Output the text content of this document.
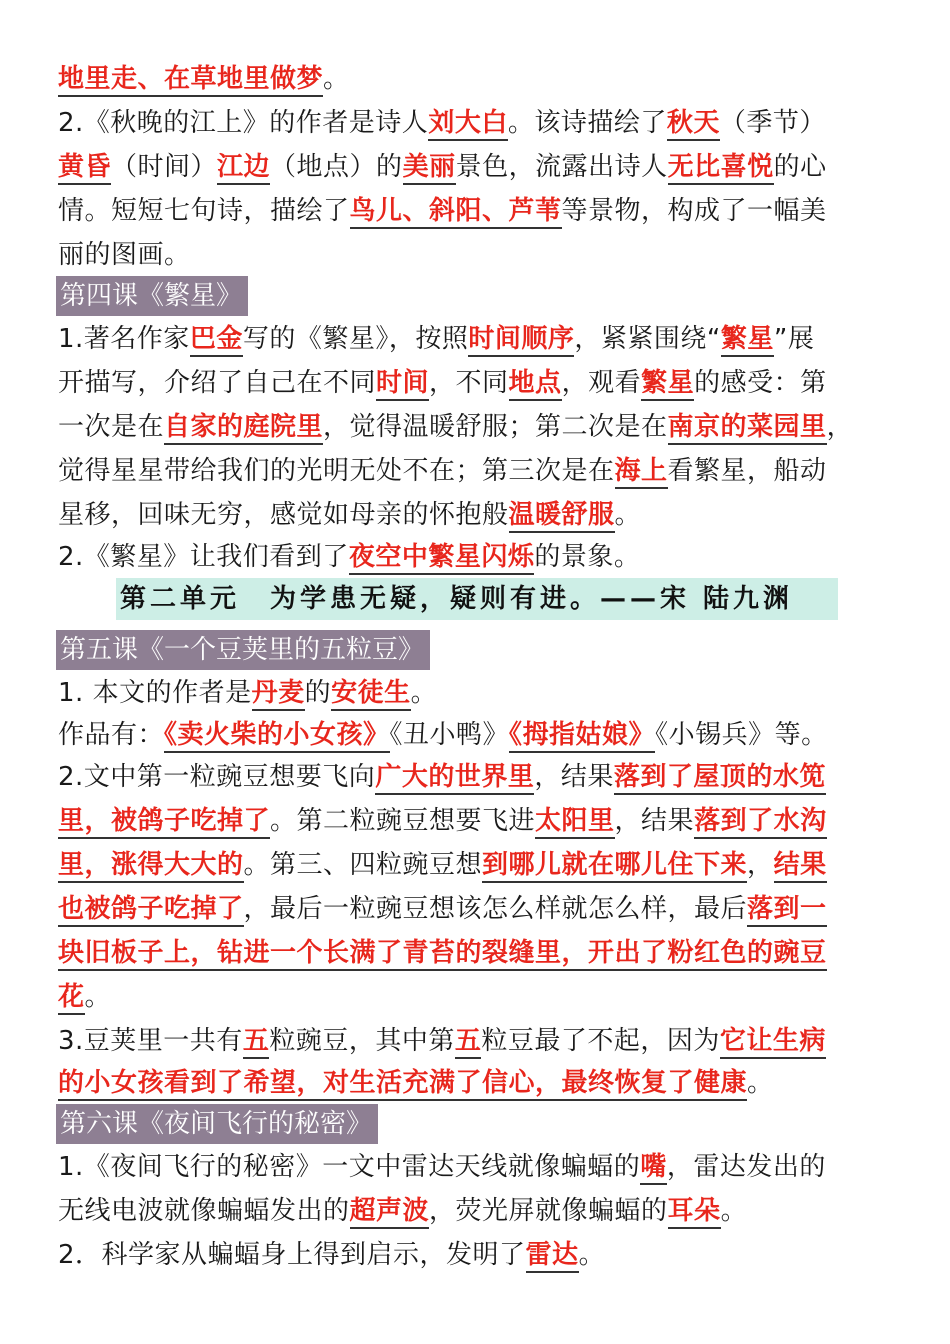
地里走、在草地里做梦。
2.《秋晚的江上》的作者是诗人刘大白。该诗描绘了秋天（季节）
黄昏（时间）江边（地点）的美丽景色，流露出诗人无比喜悦的心
情。短短七句诗，描绘了鸟儿、斜阳、芦苇等景物，构成了一幅美
丽的图画。
第四课《繁星》
1.著名作家巴金写的《繁星》，按照时间顺序，紧紧围绕“繁星”展
开描写，介绍了自己在不同时间，不同地点，观看繁星的感受：第
一次是在自家的庭院里，觉得温暖舒服；第二次是在南京的菜园里，
觉得星星带给我们的光明无处不在；第三次是在海上看繁星，船动
星移，回味无穷，感觉如母亲的怀抱般温暖舒服。
2.《繁星》让我们看到了夜空中繁星闪烁的景象。
第二单元　为学患无疑，疑则有进。——宋 陆九渊
第五课《一个豆荚里的五粒豆》
1. 本文的作者是丹麦的安徒生。
作品有：《卖火柴的小女孩》《丑小鸭》《拇指姑娘》《小锡兵》等。
2.文中第一粒豌豆想要飞向广大的世界里，结果落到了屋顶的水笕
里，被鸽子吃掉了。第二粒豌豆想要飞进太阳里，结果落到了水沟
里，涨得大大的。第三、四粒豌豆想到哪儿就在哪儿住下来，结果
也被鸽子吃掉了，最后一粒豌豆想该怎么样就怎么样，最后落到一
块旧板子上，钻进一个长满了青苔的裂缝里，开出了粉红色的豌豆
花。
3.豆荚里一共有五粒豌豆，其中第五粒豆最了不起，因为它让生病
的小女孩看到了希望，对生活充满了信心，最终恢复了健康。
第六课《夜间飞行的秘密》
1.《夜间飞行的秘密》一文中雷达天线就像蝙蝠的嘴，雷达发出的
无线电波就像蝙蝠发出的超声波，荧光屏就像蝙蝠的耳朵。
2．科学家从蝙蝠身上得到启示，发明了雷达。
